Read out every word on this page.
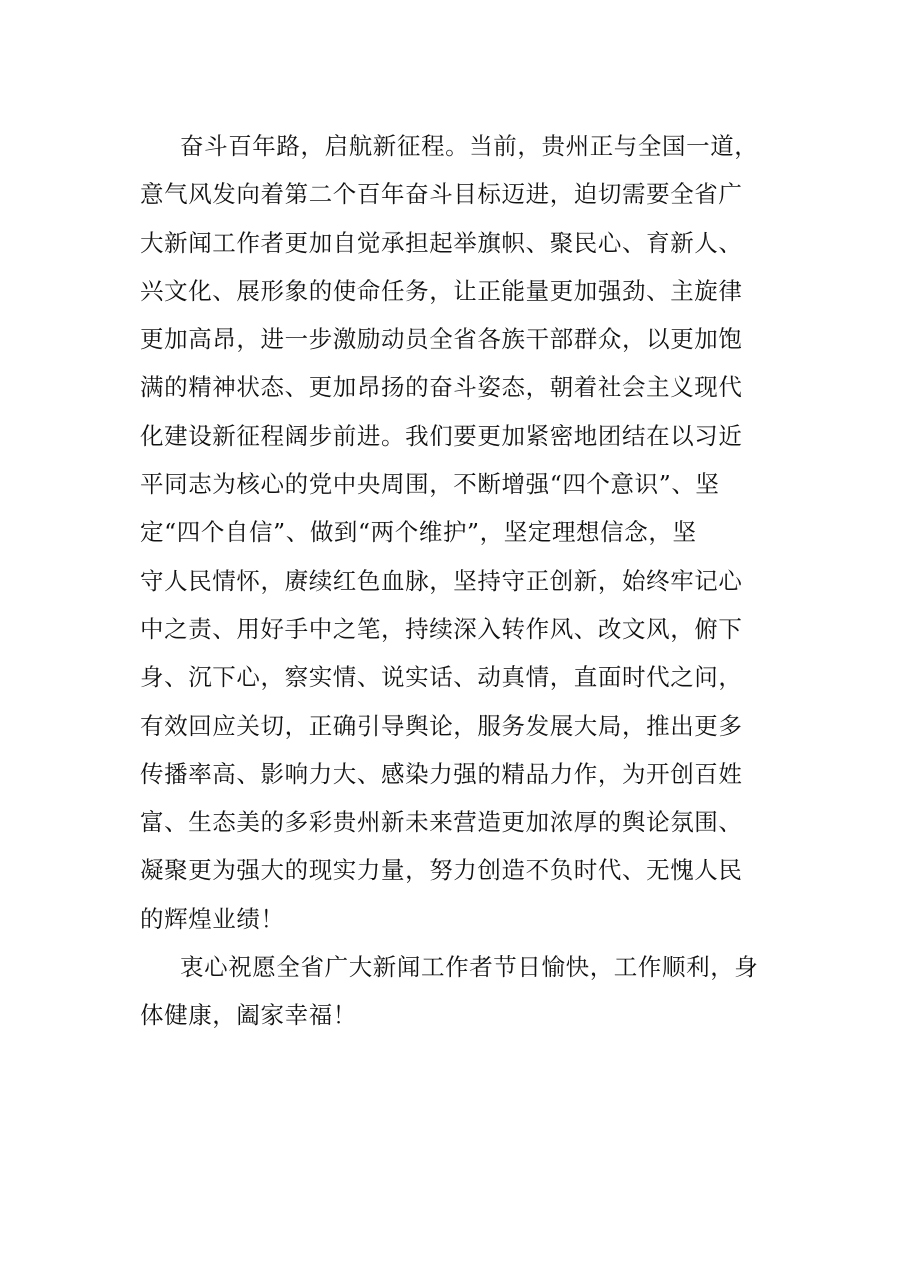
奋斗百年路，启航新征程。当前，贵州正与全国一道，
意气风发向着第二个百年奋斗目标迈进，迫切需要全省广
大新闻工作者更加自觉承担起举旗帜、聚民心、育新人、
兴文化、展形象的使命任务，让正能量更加强劲、主旋律
更加高昂，进一步激励动员全省各族干部群众，以更加饱
满的精神状态、更加昂扬的奋斗姿态，朝着社会主义现代
化建设新征程阔步前进。我们要更加紧密地团结在以习近
平同志为核心的党中央周围，不断增强“四个意识”、坚
定“四个自信”、做到“两个维护”，坚定理想信念，坚
守人民情怀，赓续红色血脉，坚持守正创新，始终牢记心
中之责、用好手中之笔，持续深入转作风、改文风，俯下
身、沉下心，察实情、说实话、动真情，直面时代之问，
有效回应关切，正确引导舆论，服务发展大局，推出更多
传播率高、影响力大、感染力强的精品力作，为开创百姓
富、生态美的多彩贵州新未来营造更加浓厚的舆论氛围、
凝聚更为强大的现实力量，努力创造不负时代、无愧人民
的辉煌业绩！
衷心祝愿全省广大新闻工作者节日愉快，工作顺利，身
体健康，阖家幸福！
